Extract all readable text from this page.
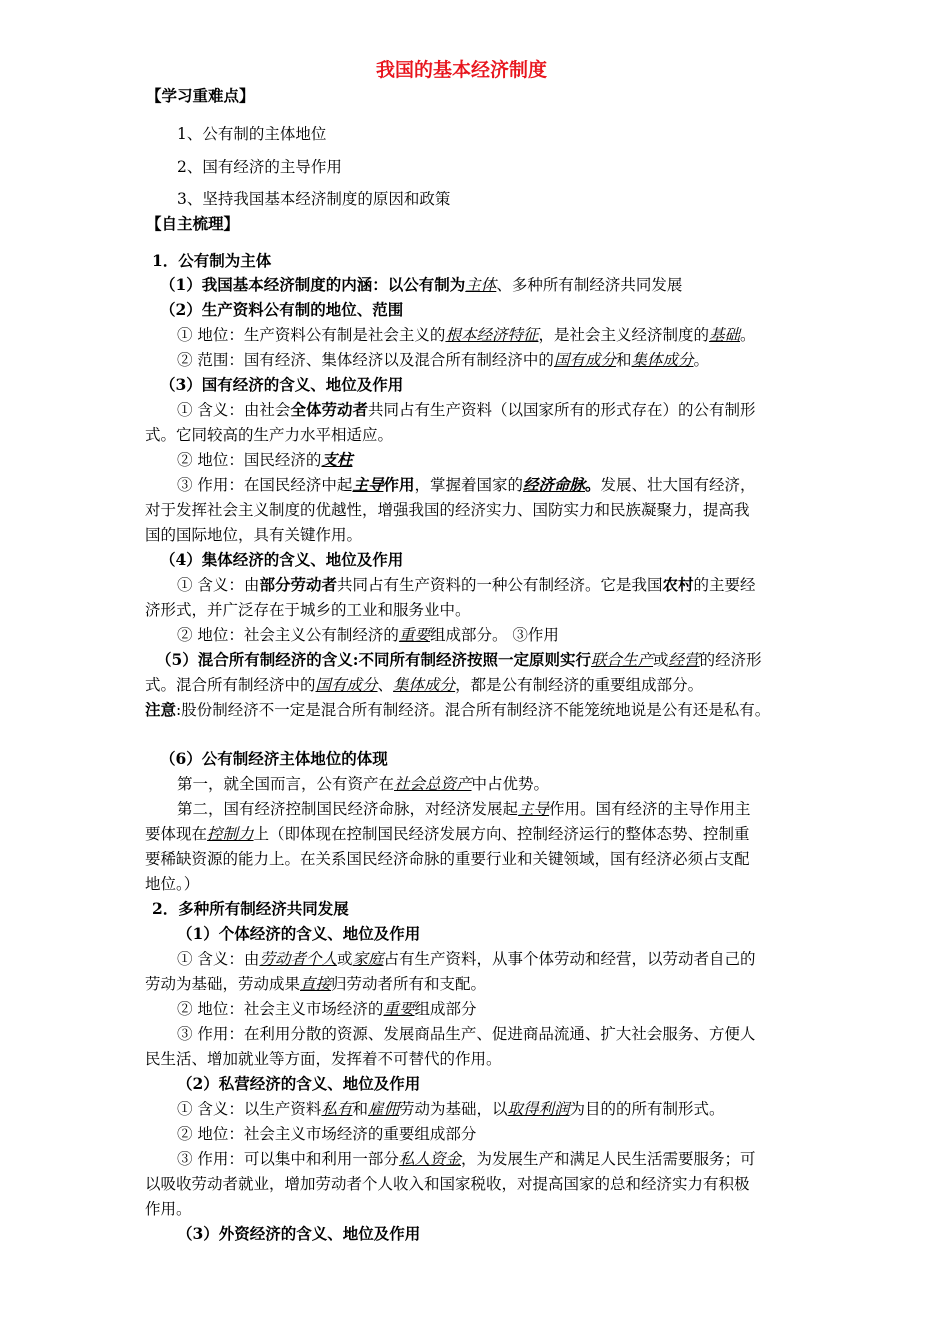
我国的基本经济制度
【学习重难点】
1、公有制的主体地位
2、国有经济的主导作用
3、坚持我国基本经济制度的原因和政策
【自主梳理】
1．公有制为主体
（1）我国基本经济制度的内涵：以公有制为主体、多种所有制经济共同发展
（2）生产资料公有制的地位、范围
① 地位：生产资料公有制是社会主义的根本经济特征，是社会主义经济制度的基础。
② 范围：国有经济、集体经济以及混合所有制经济中的国有成分和集体成分。
（3）国有经济的含义、地位及作用
① 含义：由社会全体劳动者共同占有生产资料（以国家所有的形式存在）的公有制形
式。它同较高的生产力水平相适应。
② 地位：国民经济的支柱
③ 作用：在国民经济中起主导作用，掌握着国家的经济命脉。发展、壮大国有经济，
对于发挥社会主义制度的优越性，增强我国的经济实力、国防实力和民族凝聚力，提高我
国的国际地位，具有关键作用。
（4）集体经济的含义、地位及作用
① 含义：由部分劳动者共同占有生产资料的一种公有制经济。它是我国农村的主要经
济形式，并广泛存在于城乡的工业和服务业中。
② 地位：社会主义公有制经济的重要组成部分。 ③作用
（5）混合所有制经济的含义:不同所有制经济按照一定原则实行联合生产或经营的经济形
式。混合所有制经济中的国有成分、集体成分，都是公有制经济的重要组成部分。
注意:股份制经济不一定是混合所有制经济。混合所有制经济不能笼统地说是公有还是私有。
（6）公有制经济主体地位的体现
第一，就全国而言，公有资产在社会总资产中占优势。
第二，国有经济控制国民经济命脉，对经济发展起主导作用。国有经济的主导作用主
要体现在控制力上（即体现在控制国民经济发展方向、控制经济运行的整体态势、控制重
要稀缺资源的能力上。在关系国民经济命脉的重要行业和关键领域，国有经济必须占支配
地位。）
2．多种所有制经济共同发展
（1）个体经济的含义、地位及作用
① 含义：由劳动者个人或家庭占有生产资料，从事个体劳动和经营，以劳动者自己的
劳动为基础，劳动成果直接归劳动者所有和支配。
② 地位：社会主义市场经济的重要组成部分
③ 作用：在利用分散的资源、发展商品生产、促进商品流通、扩大社会服务、方便人
民生活、增加就业等方面，发挥着不可替代的作用。
（2）私营经济的含义、地位及作用
① 含义：以生产资料私有和雇佣劳动为基础，以取得利润为目的的所有制形式。
② 地位：社会主义市场经济的重要组成部分
③ 作用：可以集中和利用一部分私人资金，为发展生产和满足人民生活需要服务；可
以吸收劳动者就业，增加劳动者个人收入和国家税收，对提高国家的总和经济实力有积极
作用。
（3）外资经济的含义、地位及作用
